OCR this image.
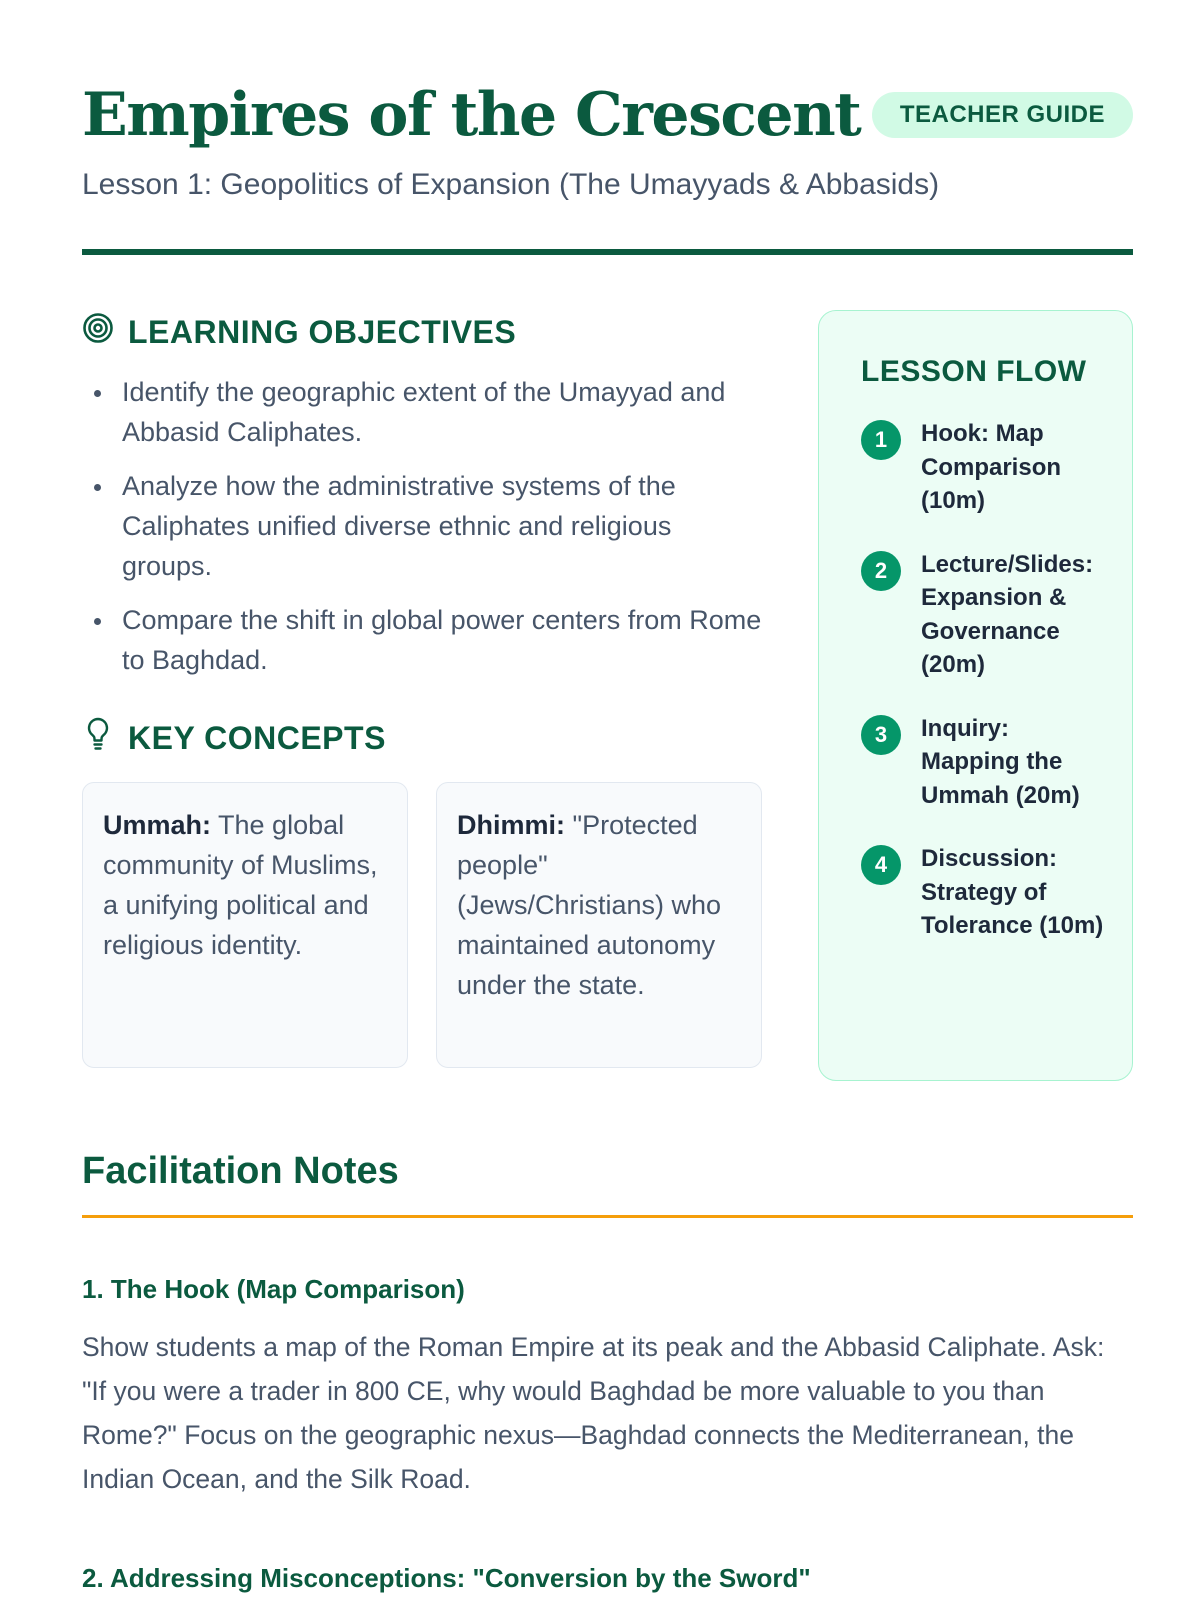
Empires of the Crescent	TEACHER GUIDE
Lesson 1: Geopolitics of Expansion (The Umayyads & Abbasids)
LEARNING OBJECTIVES
Identify the geographic extent of the Umayyad and Abbasid Caliphates.
Analyze how the administrative systems of the Caliphates unified diverse ethnic and religious groups.
Compare the shift in global power centers from Rome to Baghdad.
KEY CONCEPTS
Ummah: The global community of Muslims, a unifying political and religious identity.
Dhimmi: "Protected people" (Jews/Christians) who maintained autonomy under the state.
LESSON FLOW
1	Hook: Map Comparison (10m)
2	Lecture/Slides: Expansion & Governance (20m)
3	Inquiry: Mapping the Ummah (20m)
4	Discussion: Strategy of Tolerance (10m)
Facilitation Notes
1. The Hook (Map Comparison)

Show students a map of the Roman Empire at its peak and the Abbasid Caliphate. Ask: "If you were a trader in 800 CE, why would Baghdad be more valuable to you than Rome?" Focus on the geographic nexus—Baghdad connects the Mediterranean, the Indian Ocean, and the Silk Road.

2. Addressing Misconceptions: "Conversion by the Sword"
